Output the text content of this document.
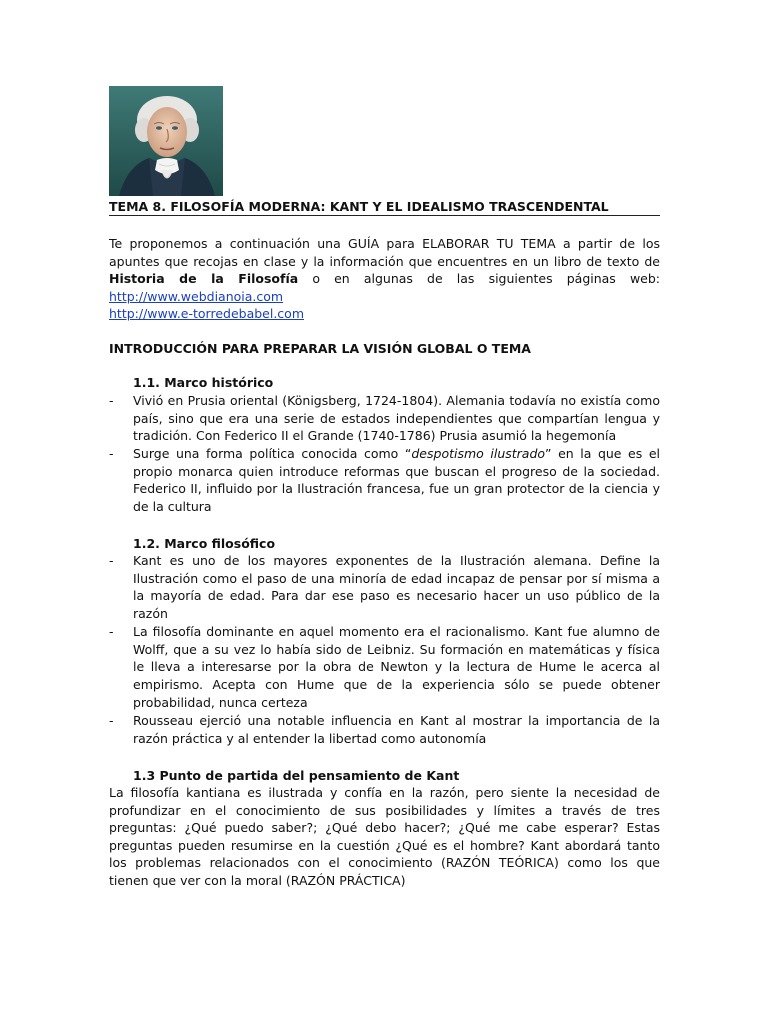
TEMA 8. FILOSOFÍA MODERNA: KANT Y EL IDEALISMO TRASCENDENTAL
Te proponemos a continuación una GUÍA para ELABORAR TU TEMA a partir de los
apuntes que recojas en clase y la información que encuentres en un libro de texto de
Historia de la Filosofía o en algunas de las siguientes páginas web:
http://www.webdianoia.com
http://www.e-torredebabel.com
INTRODUCCIÓN PARA PREPARAR LA VISIÓN GLOBAL O TEMA
1.1. Marco histórico
-	Vivió en Prusia oriental (Königsberg, 1724-1804). Alemania todavía no existía como
país, sino que era una serie de estados independientes que compartían lengua y
tradición. Con Federico II el Grande (1740-1786) Prusia asumió la hegemonía
-	Surge una forma política conocida como “despotismo ilustrado” en la que es el
propio monarca quien introduce reformas que buscan el progreso de la sociedad.
Federico II, influido por la Ilustración francesa, fue un gran protector de la ciencia y
de la cultura
1.2. Marco filosófico
-	Kant es uno de los mayores exponentes de la Ilustración alemana. Define la
Ilustración como el paso de una minoría de edad incapaz de pensar por sí misma a
la mayoría de edad. Para dar ese paso es necesario hacer un uso público de la
razón
-	La filosofía dominante en aquel momento era el racionalismo. Kant fue alumno de
Wolff, que a su vez lo había sido de Leibniz. Su formación en matemáticas y física
le lleva a interesarse por la obra de Newton y la lectura de Hume le acerca al
empirismo. Acepta con Hume que de la experiencia sólo se puede obtener
probabilidad, nunca certeza
-	Rousseau ejerció una notable influencia en Kant al mostrar la importancia de la
razón práctica y al entender la libertad como autonomía
1.3 Punto de partida del pensamiento de Kant
La filosofía kantiana es ilustrada y confía en la razón, pero siente la necesidad de
profundizar en el conocimiento de sus posibilidades y límites a través de tres
preguntas: ¿Qué puedo saber?; ¿Qué debo hacer?; ¿Qué me cabe esperar? Estas
preguntas pueden resumirse en la cuestión ¿Qué es el hombre? Kant abordará tanto
los problemas relacionados con el conocimiento (RAZÓN TEÓRICA) como los que
tienen que ver con la moral (RAZÓN PRÁCTICA)
